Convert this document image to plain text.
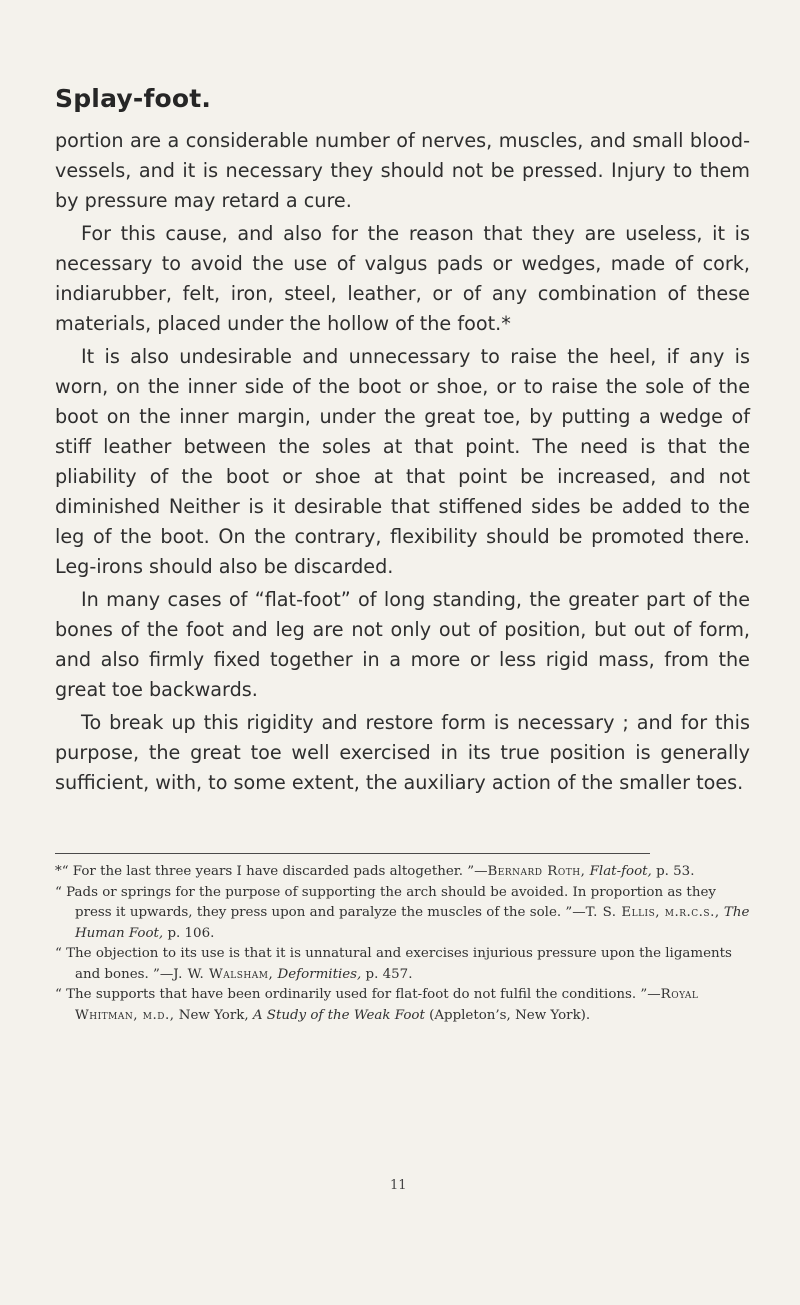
Splay-foot.

portion are a considerable number of nerves, muscles, and small blood-vessels, and it is necessary they should not be pressed. Injury to them by pressure may retard a cure.

For this cause, and also for the reason that they are useless, it is necessary to avoid the use of valgus pads or wedges, made of cork, indiarubber, felt, iron, steel, leather, or of any combination of these materials, placed under the hollow of the foot.*

It is also undesirable and unnecessary to raise the heel, if any is worn, on the inner side of the boot or shoe, or to raise the sole of the boot on the inner margin, under the great toe, by putting a wedge of stiff leather between the soles at that point. The need is that the pliability of the boot or shoe at that point be increased, and not diminished Neither is it desirable that stiffened sides be added to the leg of the boot. On the contrary, flexibility should be promoted there. Leg-irons should also be discarded.

In many cases of “flat-foot” of long standing, the greater part of the bones of the foot and leg are not only out of position, but out of form, and also firmly fixed together in a more or less rigid mass, from the great toe backwards.

To break up this rigidity and restore form is necessary ; and for this purpose, the great toe well exercised in its true position is generally sufficient, with, to some extent, the auxiliary action of the smaller toes.

*“ For the last three years I have discarded pads altogether. ”—Bernard Roth, Flat-foot, p. 53.
“ Pads or springs for the purpose of supporting the arch should be avoided. In proportion as they press it upwards, they press upon and paralyze the muscles of the sole. ”—T. S. Ellis, m.r.c.s., The Human Foot, p. 106.
“ The objection to its use is that it is unnatural and exercises injurious pressure upon the ligaments and bones. ”—J. W. Walsham, Deformities, p. 457.
“ The supports that have been ordinarily used for flat-foot do not fulfil the conditions. ”—Royal Whitman, m.d., New York, A Study of the Weak Foot (Appleton’s, New York).
11
